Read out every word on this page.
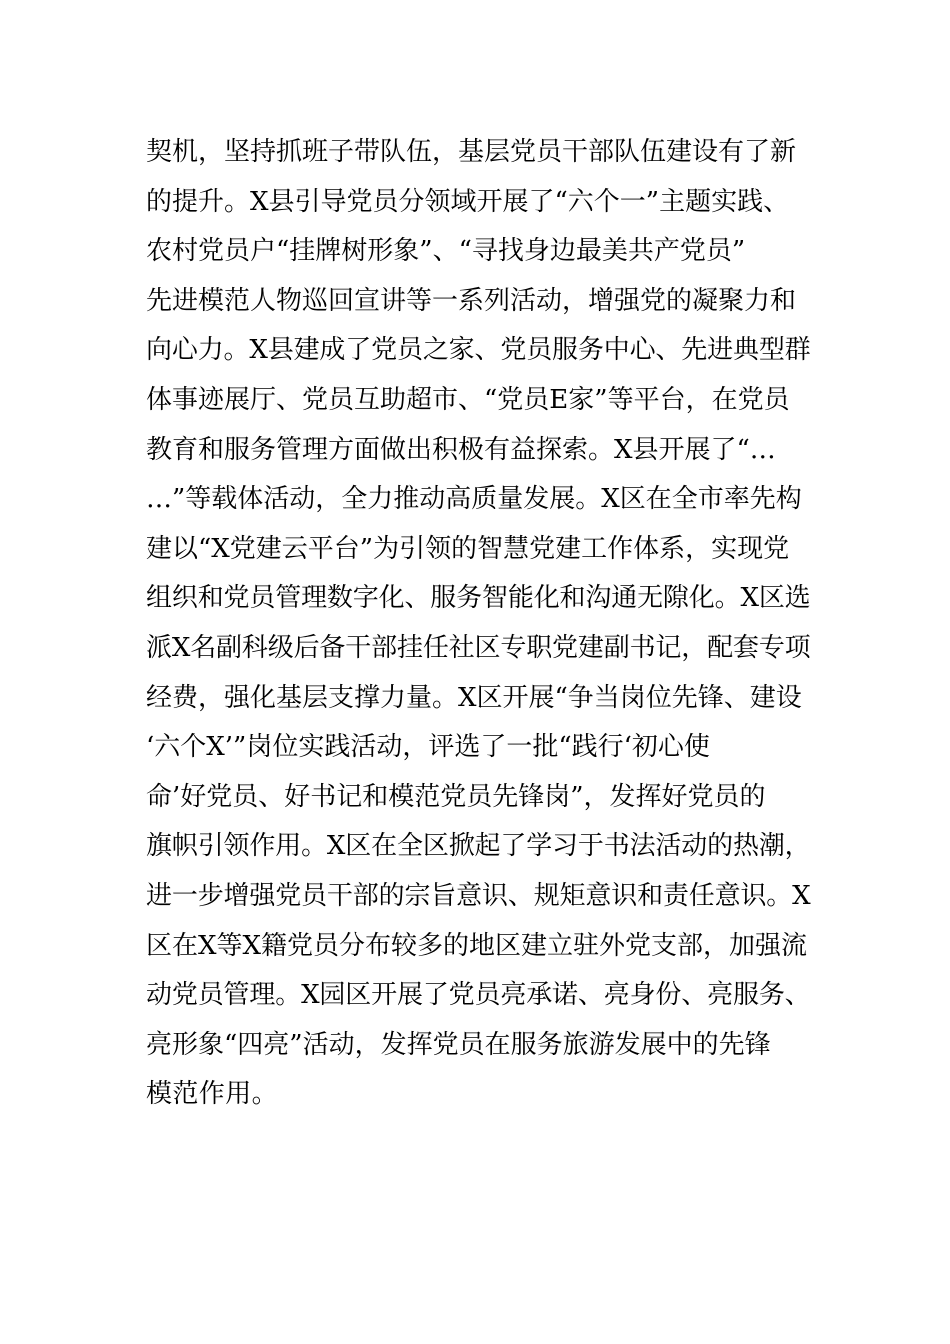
契机，坚持抓班子带队伍，基层党员干部队伍建设有了新
的提升。X县引导党员分领域开展了“六个一”主题实践、
农村党员户“挂牌树形象”、“寻找身边最美共产党员”
先进模范人物巡回宣讲等一系列活动，增强党的凝聚力和
向心力。X县建成了党员之家、党员服务中心、先进典型群
体事迹展厅、党员互助超市、“党员E家”等平台，在党员
教育和服务管理方面做出积极有益探索。X县开展了“…
…”等载体活动，全力推动高质量发展。X区在全市率先构
建以“X党建云平台”为引领的智慧党建工作体系，实现党
组织和党员管理数字化、服务智能化和沟通无隙化。X区选
派X名副科级后备干部挂任社区专职党建副书记，配套专项
经费，强化基层支撑力量。X区开展“争当岗位先锋、建设
‘六个X’”岗位实践活动，评选了一批“践行‘初心使
命’好党员、好书记和模范党员先锋岗”，发挥好党员的
旗帜引领作用。X区在全区掀起了学习于书法活动的热潮，
进一步增强党员干部的宗旨意识、规矩意识和责任意识。X
区在X等X籍党员分布较多的地区建立驻外党支部，加强流
动党员管理。X园区开展了党员亮承诺、亮身份、亮服务、
亮形象“四亮”活动，发挥党员在服务旅游发展中的先锋
模范作用。
